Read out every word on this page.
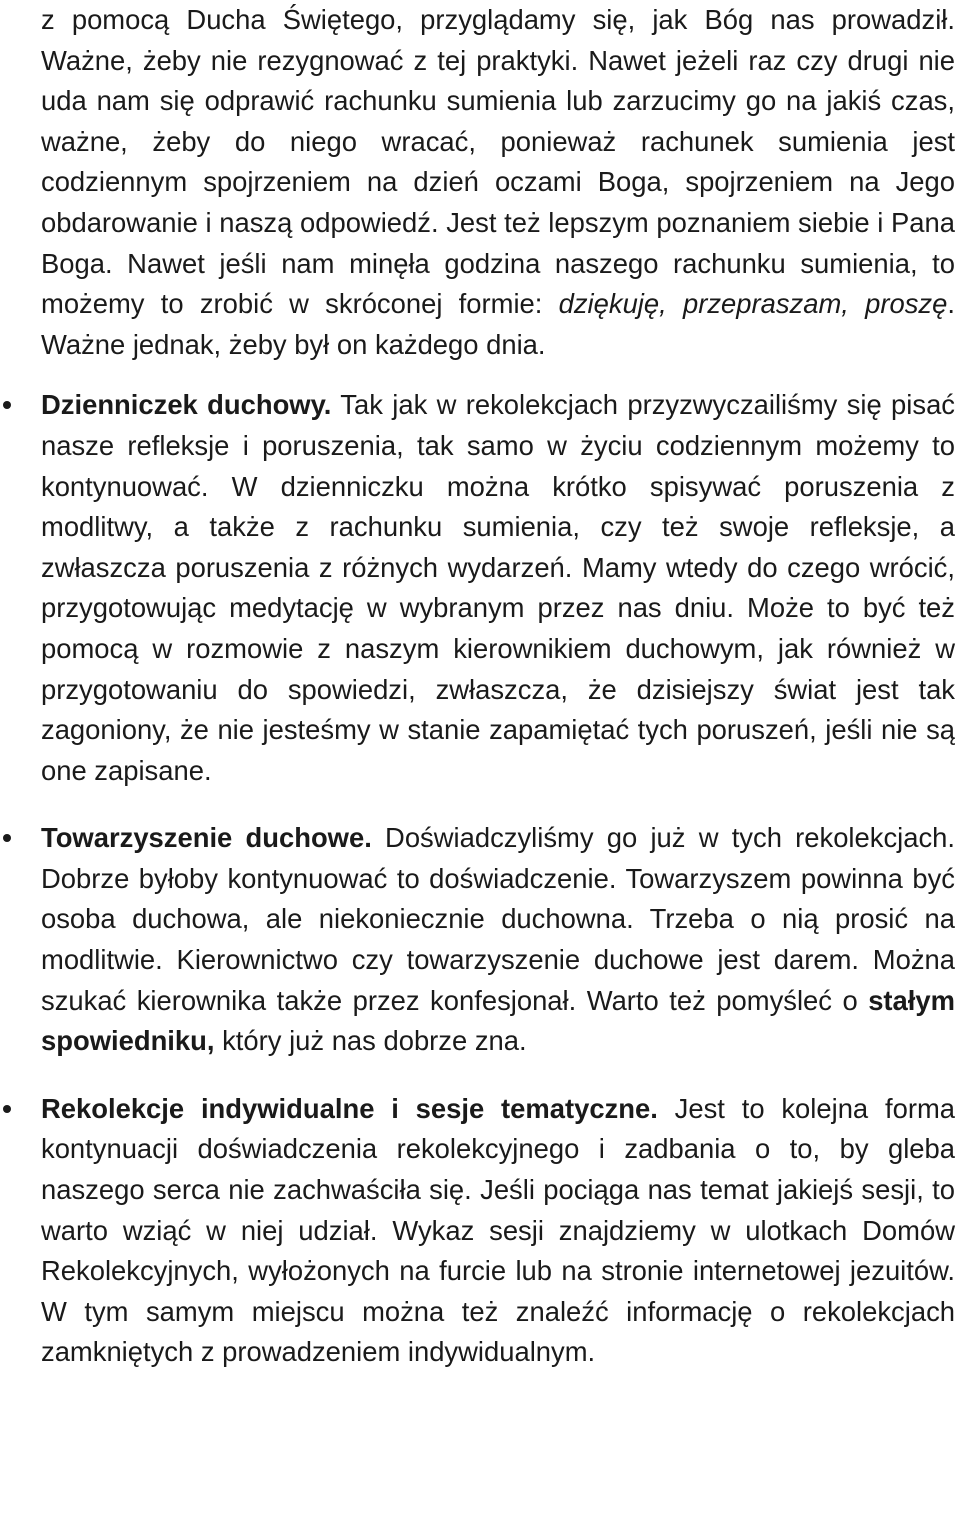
z pomocą Ducha Świętego, przyglądamy się, jak Bóg nas prowadził. Ważne, żeby nie rezygnować z tej praktyki. Nawet jeżeli raz czy drugi nie uda nam się odprawić rachunku sumienia lub zarzucimy go na jakiś czas, ważne, żeby do niego wracać, ponieważ rachunek sumienia jest codziennym spojrzeniem na dzień oczami Boga, spojrzeniem na Jego obdarowanie i naszą odpowiedź. Jest też lepszym poznaniem siebie i Pana Boga. Nawet jeśli nam minęła godzina naszego rachunku sumienia, to możemy to zrobić w skróconej formie: dziękuję, przepraszam, proszę. Ważne jednak, żeby był on każdego dnia.

Dzienniczek duchowy. Tak jak w rekolekcjach przyzwyczailiśmy się pisać nasze refleksje i poruszenia, tak samo w życiu codziennym możemy to kontynuować. W dzienniczku można krótko spisywać poruszenia z modlitwy, a także z rachunku sumienia, czy też swoje refleksje, a zwłaszcza poruszenia z różnych wydarzeń. Mamy wtedy do czego wrócić, przygotowując medytację w wybranym przez nas dniu. Może to być też pomocą w rozmowie z naszym kierownikiem duchowym, jak również w przygotowaniu do spowiedzi, zwłaszcza, że dzisiejszy świat jest tak zagoniony, że nie jesteśmy w stanie zapamiętać tych poruszeń, jeśli nie są one zapisane.
Towarzyszenie duchowe. Doświadczyliśmy go już w tych rekolekcjach. Dobrze byłoby kontynuować to doświadczenie. Towarzyszem powinna być osoba duchowa, ale niekoniecznie duchowna. Trzeba o nią prosić na modlitwie. Kierownictwo czy towarzyszenie duchowe jest darem. Można szukać kierownika także przez konfesjonał. Warto też pomyśleć o stałym spowiedniku, który już nas dobrze zna.
Rekolekcje indywidualne i sesje tematyczne. Jest to kolejna forma kontynuacji doświadczenia rekolekcyjnego i zadbania o to, by gleba naszego serca nie zachwaściła się. Jeśli pociąga nas temat jakiejś sesji, to warto wziąć w niej udział. Wykaz sesji znajdziemy w ulotkach Domów Rekolekcyjnych, wyłożonych na furcie lub na stronie internetowej jezuitów. W tym samym miejscu można też znaleźć informację o rekolekcjach zamkniętych z prowadzeniem indywidualnym.
